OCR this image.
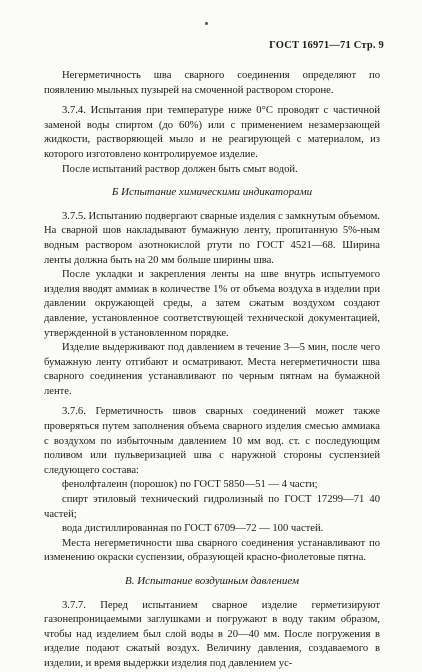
ГОСТ 16971—71 Стр. 9

Негерметичность шва сварного соединения определяют по появлению мыльных пузырей на смоченной раствором стороне.

3.7.4. Испытания при температуре ниже 0°С проводят с частичной заменой воды спиртом (до 60%) или с применением незамерзающей жидкости, растворяющей мыло и не реагирующей с материалом, из которого изготовлено контролируемое изделие.

После испытаний раствор должен быть смыт водой.

Б Испытание химическими индикаторами

3.7.5. Испытанию подвергают сварные изделия с замкнутым объемом. На сварной шов накладывают бумажную ленту, пропитанную 5%-ным водным раствором азотнокислой ртути по ГОСТ 4521—68. Ширина ленты должна быть на 20 мм больше ширины шва.

После укладки и закрепления ленты на шве внутрь испытуемого изделия вводят аммиак в количестве 1% от объема воздуха в изделии при давлении окружающей среды, а затем сжатым воздухом создают давление, установленное соответствующей технической документацией, утвержденной в установленном порядке.

Изделие выдерживают под давлением в течение 3—5 мин, после чего бумажную ленту отгибают и осматривают. Места негерметичности шва сварного соединения устанавливают по черным пятнам на бумажной ленте.

3.7.6. Герметичность швов сварных соединений может также проверяться путем заполнения объема сварного изделия смесью аммиака с воздухом по избыточным давлением 10 мм вод. ст. с последующим поливом или пульверизацией шва с наружной стороны суспензией следующего состава:

фенолфталеин (порошок) по ГОСТ 5850—51 — 4 части;

спирт этиловый технический гидролизный по ГОСТ 17299—71 40 частей;

вода дистиллированная по ГОСТ 6709—72 — 100 частей.

Места негерметичности шва сварного соединения устанавливают по изменению окраски суспензии, образующей красно-фиолетовые пятна.

В. Испытание воздушным давлением

3.7.7. Перед испытанием сварное изделие герметизируют газонепроницаемыми заглушками и погружают в воду таким образом, чтобы над изделием был слой воды в 20—40 мм. После погружения в изделие подают сжатый воздух. Величину давления, создаваемого в изделии, и время выдержки изделия под давлением ус-
